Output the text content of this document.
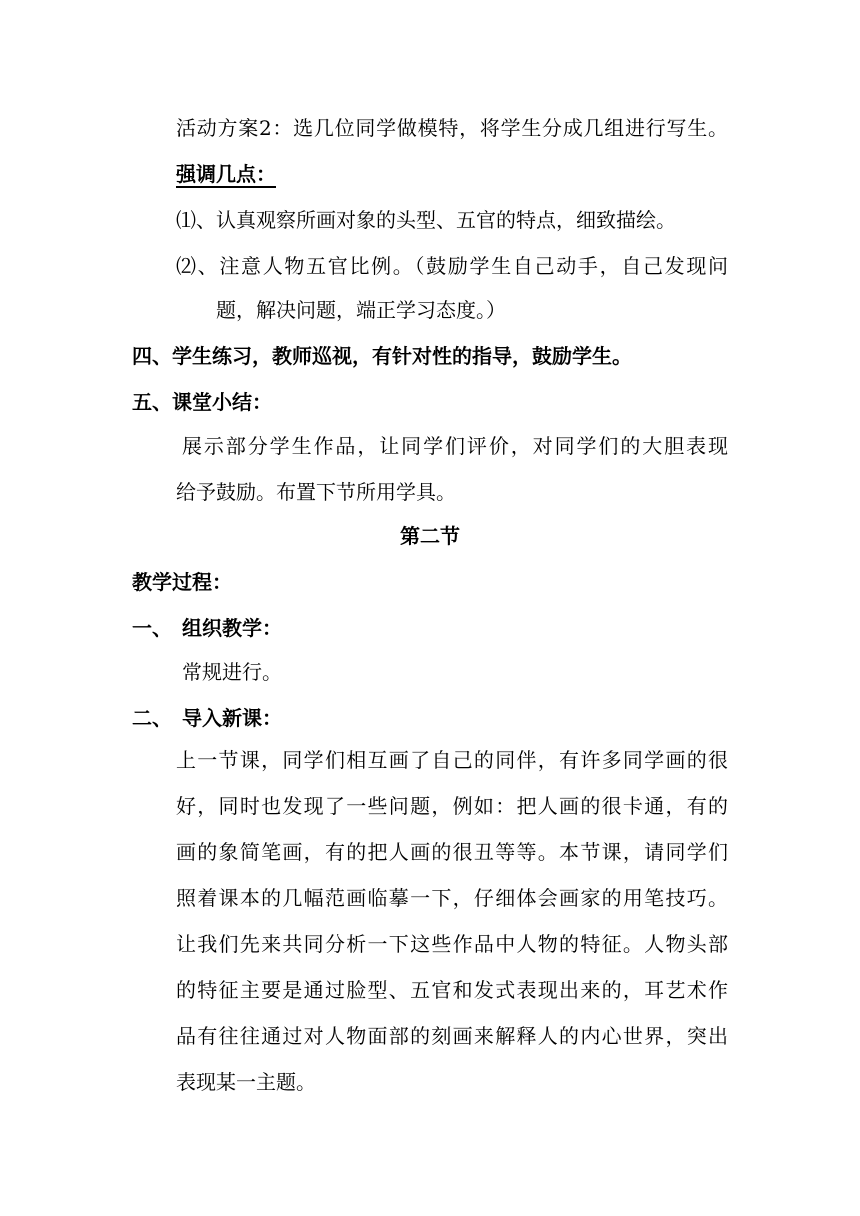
活动方案2：选几位同学做模特，将学生分成几组进行写生。
强调几点：
⑴、认真观察所画对象的头型、五官的特点，细致描绘。
⑵、注意人物五官比例。（鼓励学生自己动手，自己发现问
题，解决问题，端正学习态度。）
四、学生练习，教师巡视，有针对性的指导，鼓励学生。
五、课堂小结：
展示部分学生作品，让同学们评价，对同学们的大胆表现
给予鼓励。布置下节所用学具。
第二节
教学过程：
一、 组织教学：
常规进行。
二、 导入新课：
上一节课，同学们相互画了自己的同伴，有许多同学画的很
好，同时也发现了一些问题，例如：把人画的很卡通，有的
画的象简笔画，有的把人画的很丑等等。本节课，请同学们
照着课本的几幅范画临摹一下，仔细体会画家的用笔技巧。
让我们先来共同分析一下这些作品中人物的特征。人物头部
的特征主要是通过脸型、五官和发式表现出来的，耳艺术作
品有往往通过对人物面部的刻画来解释人的内心世界，突出
表现某一主题。
